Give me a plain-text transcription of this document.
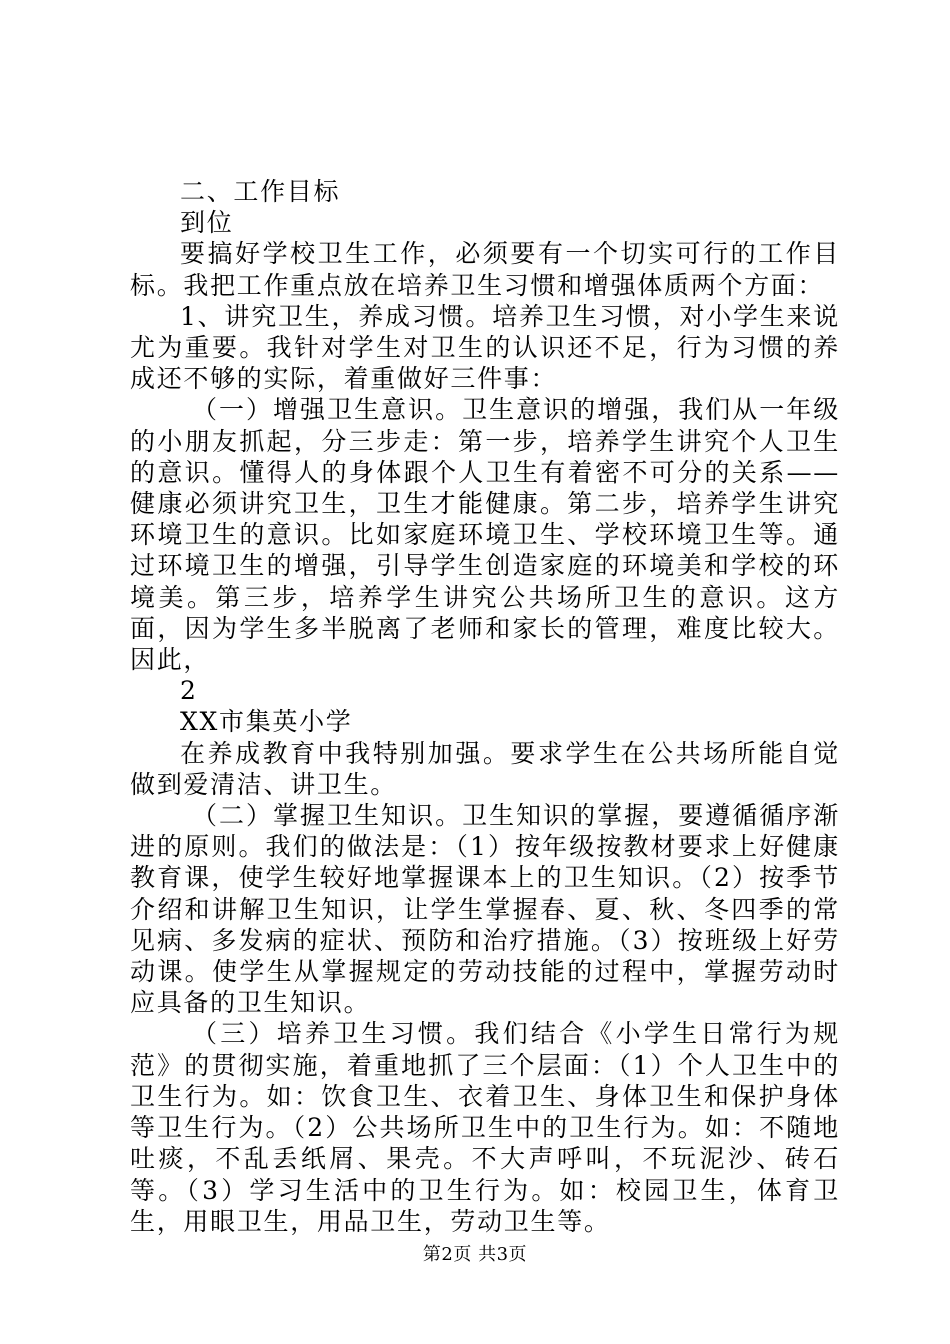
二、工作目标

到位

要搞好学校卫生工作，必须要有一个切实可行的工作目标。我把工作重点放在培养卫生习惯和增强体质两个方面：

1、讲究卫生，养成习惯。培养卫生习惯，对小学生来说尤为重要。我针对学生对卫生的认识还不足，行为习惯的养成还不够的实际，着重做好三件事：

（一）增强卫生意识。卫生意识的增强，我们从一年级的小朋友抓起，分三步走：第一步，培养学生讲究个人卫生的意识。懂得人的身体跟个人卫生有着密不可分的关系——健康必须讲究卫生，卫生才能健康。第二步，培养学生讲究环境卫生的意识。比如家庭环境卫生、学校环境卫生等。通过环境卫生的增强，引导学生创造家庭的环境美和学校的环境美。第三步，培养学生讲究公共场所卫生的意识。这方面，因为学生多半脱离了老师和家长的管理，难度比较大。因此，

2

XX市集英小学

在养成教育中我特别加强。要求学生在公共场所能自觉做到爱清洁、讲卫生。

（二）掌握卫生知识。卫生知识的掌握，要遵循循序渐进的原则。我们的做法是：（1）按年级按教材要求上好健康教育课，使学生较好地掌握课本上的卫生知识。（2）按季节介绍和讲解卫生知识，让学生掌握春、夏、秋、冬四季的常见病、多发病的症状、预防和治疗措施。（3）按班级上好劳动课。使学生从掌握规定的劳动技能的过程中，掌握劳动时应具备的卫生知识。

（三）培养卫生习惯。我们结合《小学生日常行为规范》的贯彻实施，着重地抓了三个层面：（1）个人卫生中的卫生行为。如：饮食卫生、衣着卫生、身体卫生和保护身体等卫生行为。（2）公共场所卫生中的卫生行为。如：不随地吐痰，不乱丢纸屑、果壳。不大声呼叫，不玩泥沙、砖石等。（3）学习生活中的卫生行为。如：校园卫生，体育卫生，用眼卫生，用品卫生，劳动卫生等。

第2页 共3页
